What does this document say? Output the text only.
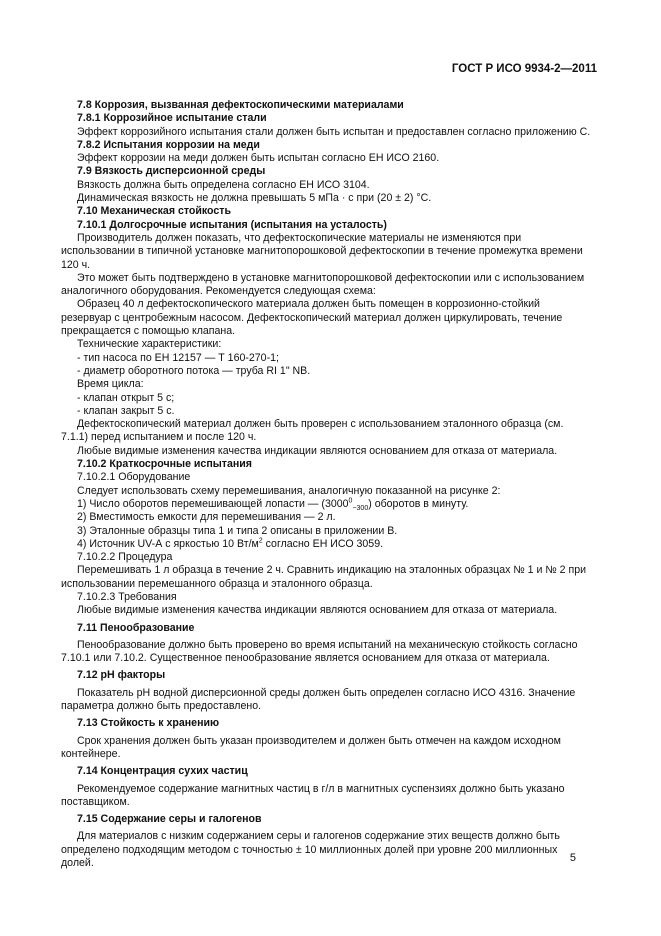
ГОСТ Р ИСО 9934-2—2011

7.8 Коррозия, вызванная дефектоскопическими материалами

7.8.1 Коррозийное испытание стали

Эффект коррозийного испытания стали должен быть испытан и предоставлен согласно приложению С.

7.8.2 Испытания коррозии на меди

Эффект коррозии на меди должен быть испытан согласно ЕН ИСО 2160.

7.9 Вязкость дисперсионной среды

Вязкость должна быть определена согласно ЕН ИСО 3104.

Динамическая вязкость не должна превышать 5 мПа · с при (20 ± 2) °С.

7.10 Механическая стойкость

7.10.1 Долгосрочные испытания (испытания на усталость)

Производитель должен показать, что дефектоскопические материалы не изменяются при использовании в типичной установке магнитопорошковой дефектоскопии в течение промежутка времени 120 ч.

Это может быть подтверждено в установке магнитопорошковой дефектоскопии или с использованием аналогичного оборудования. Рекомендуется следующая схема:

Образец 40 л дефектоскопического материала должен быть помещен в коррозионно-стойкий резервуар с центробежным насосом. Дефектоскопический материал должен циркулировать, течение прекращается с помощью клапана.

Технические характеристики:

- тип насоса по ЕН 12157 — Т 160-270-1;

- диаметр оборотного потока — труба RI 1" NB.

Время цикла:

- клапан открыт 5 с;

- клапан закрыт 5 с.

Дефектоскопический материал должен быть проверен с использованием эталонного образца (см. 7.1.1) перед испытанием и после 120 ч.

Любые видимые изменения качества индикации являются основанием для отказа от материала.

7.10.2 Краткосрочные испытания

7.10.2.1 Оборудование

Следует использовать схему перемешивания, аналогичную показанной на рисунке 2:

1) Число оборотов перемешивающей лопасти — $(3000^0_{-300})$ оборотов в минуту.

2) Вместимость емкости для перемешивания — 2 л.

3) Эталонные образцы типа 1 и типа 2 описаны в приложении В.

4) Источник UV-А с яркостью 10 $Вт/м^2$ согласно ЕН ИСО 3059.

7.10.2.2 Процедура

Перемешивать 1 л образца в течение 2 ч. Сравнить индикацию на эталонных образцах № 1 и № 2 при использовании перемешанного образца и эталонного образца.

7.10.2.3 Требования

Любые видимые изменения качества индикации являются основанием для отказа от материала.

7.11 Пенообразование

Пенообразование должно быть проверено во время испытаний на механическую стойкость согласно 7.10.1 или 7.10.2. Существенное пенообразование является основанием для отказа от материала.

7.12 pH факторы

Показатель pH водной дисперсионной среды должен быть определен согласно ИСО 4316. Значение параметра должно быть предоставлено.

7.13 Стойкость к хранению

Срок хранения должен быть указан производителем и должен быть отмечен на каждом исходном контейнере.

7.14 Концентрация сухих частиц

Рекомендуемое содержание магнитных частиц в г/л в магнитных суспензиях должно быть указано поставщиком.

7.15 Содержание серы и галогенов

Для материалов с низким содержанием серы и галогенов содержание этих веществ должно быть определено подходящим методом с точностью ± 10 миллионных долей при уровне 200 миллионных долей.	5
